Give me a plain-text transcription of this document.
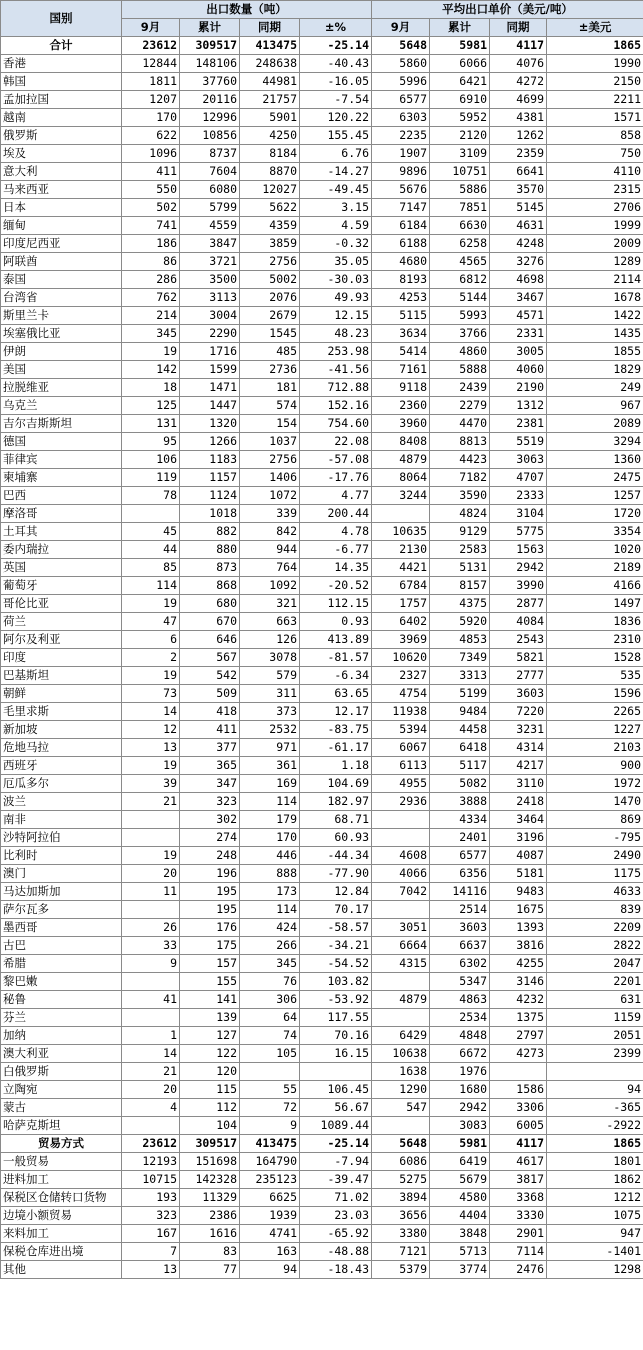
国别	出口数量（吨）				平均出口单价（美元/吨）			
	9月	累计	同期	±%	9月	累计	同期	±美元
合计	23612	309517	413475	-25.14	5648	5981	4117	1865
香港	12844	148106	248638	-40.43	5860	6066	4076	1990
韩国	1811	37760	44981	-16.05	5996	6421	4272	2150
孟加拉国	1207	20116	21757	-7.54	6577	6910	4699	2211
越南	170	12996	5901	120.22	6303	5952	4381	1571
俄罗斯	622	10856	4250	155.45	2235	2120	1262	858
埃及	1096	8737	8184	6.76	1907	3109	2359	750
意大利	411	7604	8870	-14.27	9896	10751	6641	4110
马来西亚	550	6080	12027	-49.45	5676	5886	3570	2315
日本	502	5799	5622	3.15	7147	7851	5145	2706
缅甸	741	4559	4359	4.59	6184	6630	4631	1999
印度尼西亚	186	3847	3859	-0.32	6188	6258	4248	2009
阿联酋	86	3721	2756	35.05	4680	4565	3276	1289
泰国	286	3500	5002	-30.03	8193	6812	4698	2114
台湾省	762	3113	2076	49.93	4253	5144	3467	1678
斯里兰卡	214	3004	2679	12.15	5115	5993	4571	1422
埃塞俄比亚	345	2290	1545	48.23	3634	3766	2331	1435
伊朗	19	1716	485	253.98	5414	4860	3005	1855
美国	142	1599	2736	-41.56	7161	5888	4060	1829
拉脱维亚	18	1471	181	712.88	9118	2439	2190	249
乌克兰	125	1447	574	152.16	2360	2279	1312	967
吉尔吉斯斯坦	131	1320	154	754.60	3960	4470	2381	2089
德国	95	1266	1037	22.08	8408	8813	5519	3294
菲律宾	106	1183	2756	-57.08	4879	4423	3063	1360
柬埔寨	119	1157	1406	-17.76	8064	7182	4707	2475
巴西	78	1124	1072	4.77	3244	3590	2333	1257
摩洛哥		1018	339	200.44		4824	3104	1720
土耳其	45	882	842	4.78	10635	9129	5775	3354
委内瑞拉	44	880	944	-6.77	2130	2583	1563	1020
英国	85	873	764	14.35	4421	5131	2942	2189
葡萄牙	114	868	1092	-20.52	6784	8157	3990	4166
哥伦比亚	19	680	321	112.15	1757	4375	2877	1497
荷兰	47	670	663	0.93	6402	5920	4084	1836
阿尔及利亚	6	646	126	413.89	3969	4853	2543	2310
印度	2	567	3078	-81.57	10620	7349	5821	1528
巴基斯坦	19	542	579	-6.34	2327	3313	2777	535
朝鲜	73	509	311	63.65	4754	5199	3603	1596
毛里求斯	14	418	373	12.17	11938	9484	7220	2265
新加坡	12	411	2532	-83.75	5394	4458	3231	1227
危地马拉	13	377	971	-61.17	6067	6418	4314	2103
西班牙	19	365	361	1.18	6113	5117	4217	900
厄瓜多尔	39	347	169	104.69	4955	5082	3110	1972
波兰	21	323	114	182.97	2936	3888	2418	1470
南非		302	179	68.71		4334	3464	869
沙特阿拉伯		274	170	60.93		2401	3196	-795
比利时	19	248	446	-44.34	4608	6577	4087	2490
澳门	20	196	888	-77.90	4066	6356	5181	1175
马达加斯加	11	195	173	12.84	7042	14116	9483	4633
萨尔瓦多		195	114	70.17		2514	1675	839
墨西哥	26	176	424	-58.57	3051	3603	1393	2209
古巴	33	175	266	-34.21	6664	6637	3816	2822
希腊	9	157	345	-54.52	4315	6302	4255	2047
黎巴嫩		155	76	103.82		5347	3146	2201
秘鲁	41	141	306	-53.92	4879	4863	4232	631
芬兰		139	64	117.55		2534	1375	1159
加纳	1	127	74	70.16	6429	4848	2797	2051
澳大利亚	14	122	105	16.15	10638	6672	4273	2399
白俄罗斯	21	120			1638	1976		
立陶宛	20	115	55	106.45	1290	1680	1586	94
蒙古	4	112	72	56.67	547	2942	3306	-365
哈萨克斯坦		104	9	1089.44		3083	6005	-2922
贸易方式	23612	309517	413475	-25.14	5648	5981	4117	1865
一般贸易	12193	151698	164790	-7.94	6086	6419	4617	1801
进料加工	10715	142328	235123	-39.47	5275	5679	3817	1862
保税区仓储转口货物	193	11329	6625	71.02	3894	4580	3368	1212
边境小额贸易	323	2386	1939	23.03	3656	4404	3330	1075
来料加工	167	1616	4741	-65.92	3380	3848	2901	947
保税仓库进出境	7	83	163	-48.88	7121	5713	7114	-1401
其他	13	77	94	-18.43	5379	3774	2476	1298
